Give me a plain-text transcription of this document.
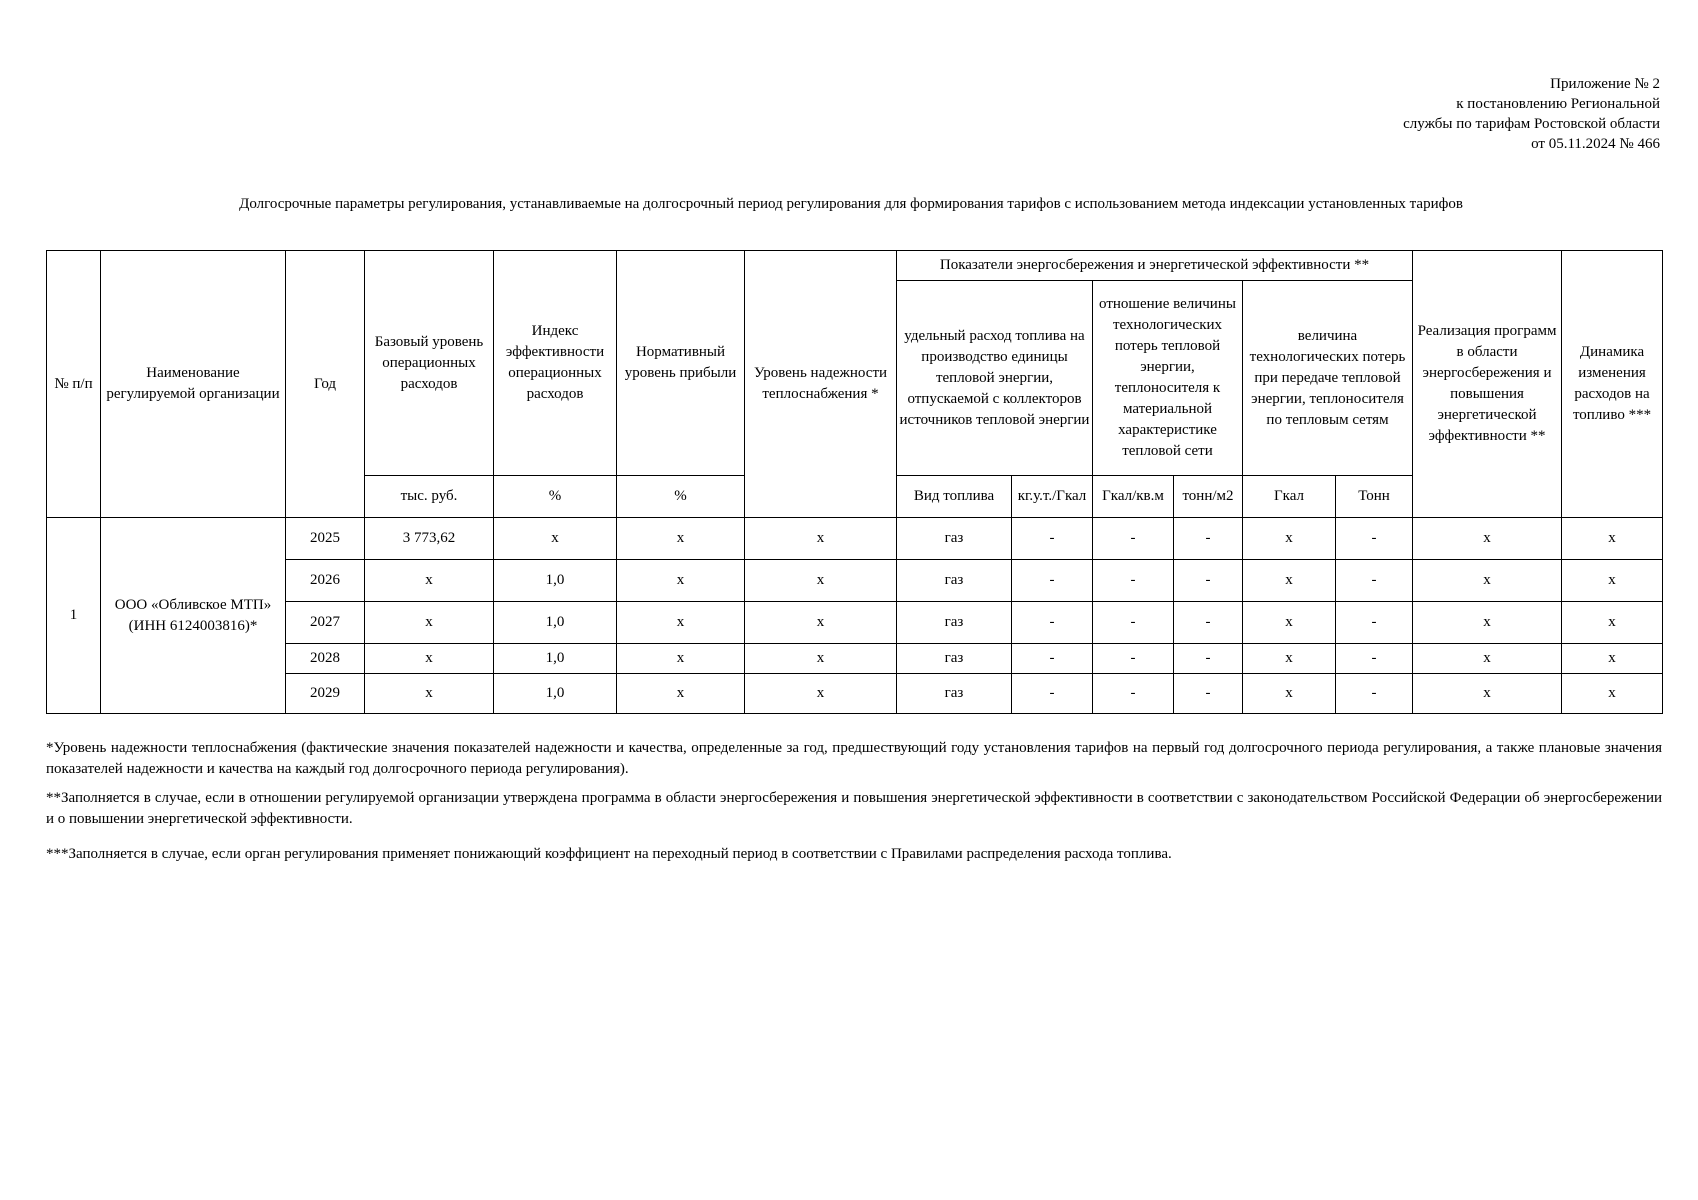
Приложение № 2
к постановлению Региональной
службы по тарифам Ростовской области
от 05.11.2024 № 466
Долгосрочные параметры регулирования, устанавливаемые на долгосрочный период регулирования для формирования тарифов с использованием метода индексации установленных тарифов
№ п/п	Наименование регулируемой организации	Год	Базовый уровень операционных расходов	Индекс эффективности операционных расходов	Нормативный уровень прибыли	Уровень надежности теплоснабжения *	Показатели энергосбережения и энергетической эффективности **						Реализация программ в области энергосбережения и повышения энергетической эффективности **	Динамика изменения расходов на топливо ***
							удельный расход топлива на производство единицы тепловой энергии, отпускаемой с коллекторов источников тепловой энергии		отношение величины технологических потерь тепловой энергии, теплоносителя к материальной характеристике тепловой сети		величина технологических потерь при передаче тепловой энергии, теплоносителя по тепловым сетям			
			тыс. руб.	%	%		Вид топлива	кг.у.т./Гкал	Гкал/кв.м	тонн/м2	Гкал	Тонн		
1	ООО «Обливское МТП» (ИНН 6124003816)*	2025	3 773,62	x	x	x	газ	-	-	-	x	-	x	x
		2026	x	1,0	x	x	газ	-	-	-	x	-	x	x
		2027	x	1,0	x	x	газ	-	-	-	x	-	x	x
		2028	x	1,0	x	x	газ	-	-	-	x	-	x	x
		2029	x	1,0	x	x	газ	-	-	-	x	-	x	x

*Уровень надежности теплоснабжения (фактические значения показателей надежности и качества, определенные за год, предшествующий году установления тарифов на первый год долгосрочного периода регулирования, а также плановые значения показателей надежности и качества на каждый год долгосрочного периода регулирования).

**Заполняется в случае, если в отношении регулируемой организации утверждена программа в области энергосбережения и повышения энергетической эффективности в соответствии с законодательством Российской Федерации об энергосбережении и о повышении энергетической эффективности.

***Заполняется в случае, если орган регулирования применяет понижающий коэффициент на переходный период в соответствии с Правилами распределения расхода топлива.
